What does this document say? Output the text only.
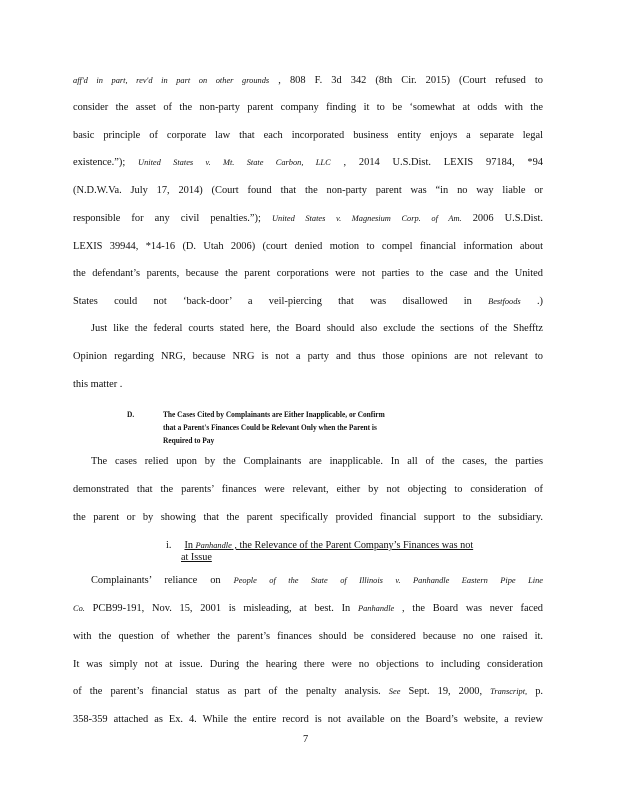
aff'd in part, rev'd in part on other grounds , 808 F. 3d 342 (8th Cir. 2015) (Court refused to
consider the asset of the non-party parent company finding it to be ‘somewhat at odds with the
basic principle of corporate law that each incorporated business entity enjoys a separate legal
existence.”); United States v. Mt. State Carbon, LLC , 2014 U.S.Dist. LEXIS 97184, *94
(N.D.W.Va. July 17, 2014) (Court found that the non-party parent was “in no way liable or
responsible for any civil penalties.”); United States v. Magnesium Corp. of Am. 2006 U.S.Dist.
LEXIS 39944, *14-16 (D. Utah 2006) (court denied motion to compel financial information about
the defendant’s parents, because the parent corporations were not parties to the case and the United
States could not ‘back-door’ a veil-piercing that was disallowed in Bestfoods .)
Just like the federal courts stated here, the Board should also exclude the sections of the Shefftz
Opinion regarding NRG, because NRG is not a party and thus those opinions are not relevant to
this matter .
D.	The Cases Cited by Complainants are Either Inapplicable, or Confirm
that a Parent's Finances Could be Relevant Only when the Parent is
Required to Pay
The cases relied upon by the Complainants are inapplicable. In all of the cases, the parties
demonstrated that the parents’ finances were relevant, either by not objecting to consideration of
the parent or by showing that the parent specifically provided financial support to the subsidiary.
i. In Panhandle , the Relevance of the Parent Company’s Finances was not
at Issue
Complainants’ reliance on People of the State of Illinois v. Panhandle Eastern Pipe Line
Co. PCB99-191, Nov. 15, 2001 is misleading, at best. In Panhandle , the Board was never faced
with the question of whether the parent’s finances should be considered because no one raised it.
It was simply not at issue. During the hearing there were no objections to including consideration
of the parent’s financial status as part of the penalty analysis. See Sept. 19, 2000, Transcript, p.
358-359 attached as Ex. 4. While the entire record is not available on the Board’s website, a review
7
